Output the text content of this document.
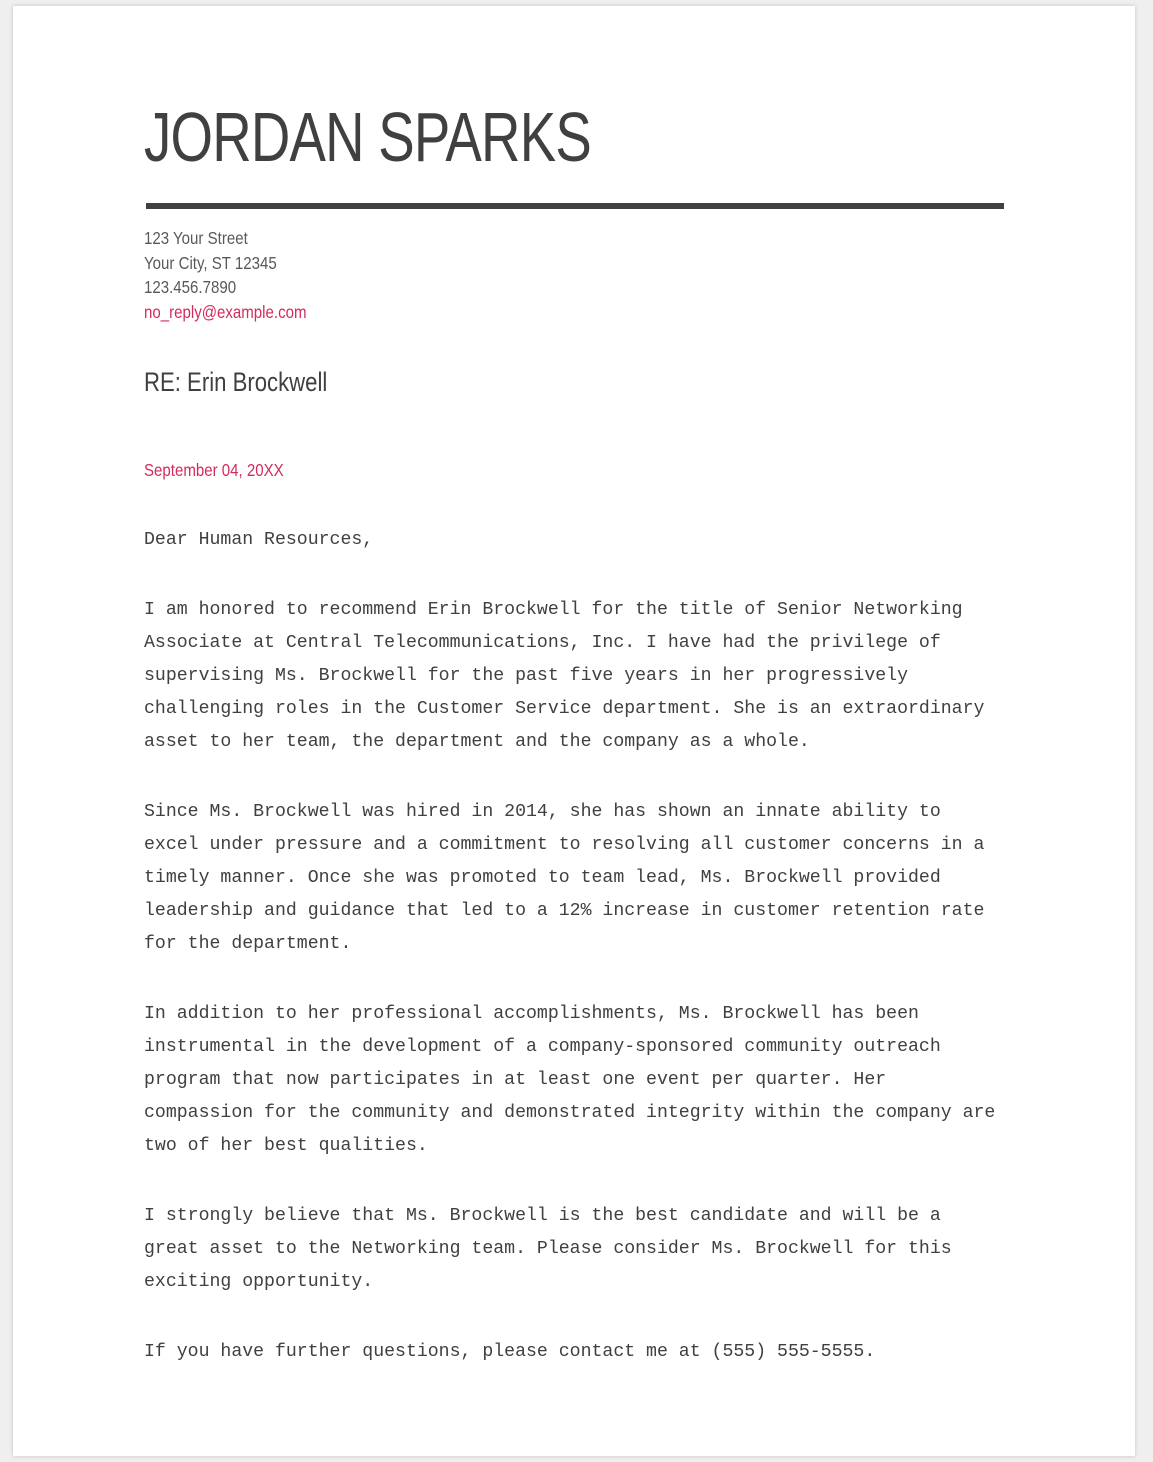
JORDAN SPARKS
123 Your Street
Your City, ST 12345
123.456.7890
no_reply@example.com
RE: Erin Brockwell
September 04, 20XX

Dear Human Resources,

I am honored to recommend Erin Brockwell for the title of Senior Networking
Associate at Central Telecommunications, Inc. I have had the privilege of
supervising Ms. Brockwell for the past five years in her progressively
challenging roles in the Customer Service department. She is an extraordinary
asset to her team, the department and the company as a whole.

Since Ms. Brockwell was hired in 2014, she has shown an innate ability to
excel under pressure and a commitment to resolving all customer concerns in a
timely manner. Once she was promoted to team lead, Ms. Brockwell provided
leadership and guidance that led to a 12% increase in customer retention rate
for the department.

In addition to her professional accomplishments, Ms. Brockwell has been
instrumental in the development of a company-sponsored community outreach
program that now participates in at least one event per quarter. Her
compassion for the community and demonstrated integrity within the company are
two of her best qualities.

I strongly believe that Ms. Brockwell is the best candidate and will be a
great asset to the Networking team. Please consider Ms. Brockwell for this
exciting opportunity.

If you have further questions, please contact me at (555) 555-5555.
